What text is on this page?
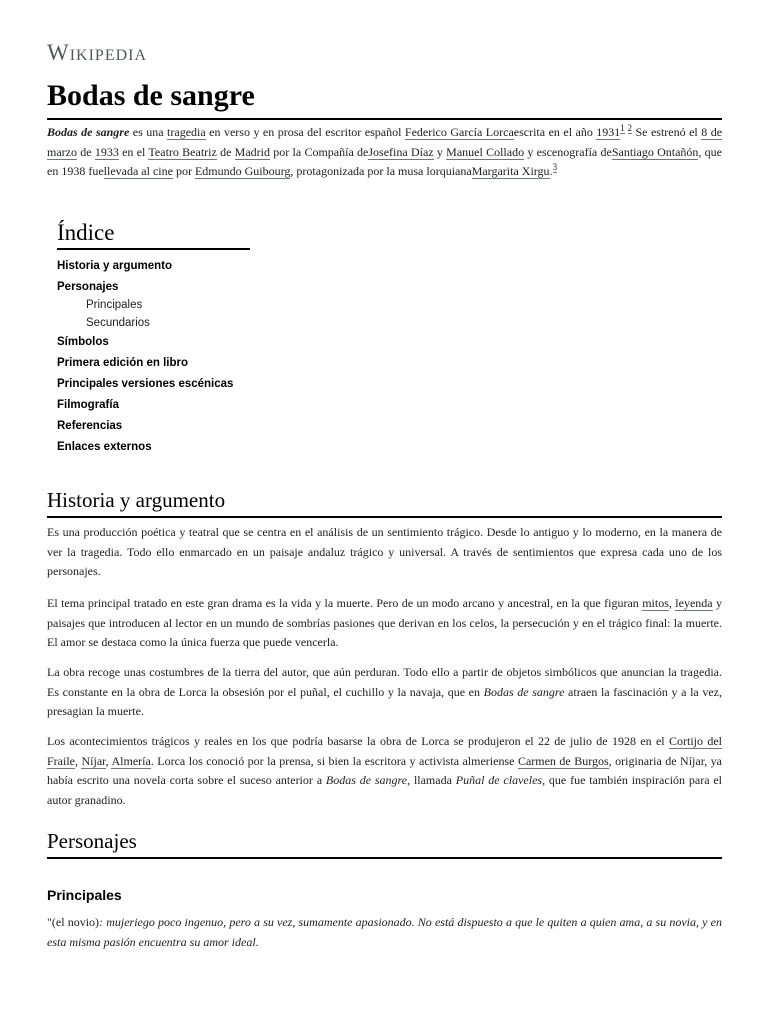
Wikipedia
Bodas de sangre
Bodas de sangre es una tragedia en verso y en prosa del escritor español Federico García Lorcaescrita en el año $1931^{1 2}$ Se estrenó el 8 de marzo de 1933 en el Teatro Beatriz de Madrid por la Compañía deJosefina Díaz y Manuel Collado y escenografía deSantiago Ontañón, que en 1938 fuellevada al cine por Edmundo Guibourg, protagonizada por la musa lorquianaMargarita Xirgu.$^3$
Índice
Historia y argumento
Personajes
Principales
Secundarios
Símbolos
Primera edición en libro
Principales versiones escénicas
Filmografía
Referencias
Enlaces externos
Historia y argumento

Es una producción poética y teatral que se centra en el análisis de un sentimiento trágico. Desde lo antiguo y lo moderno, en la manera de ver la tragedia. Todo ello enmarcado en un paisaje andaluz trágico y universal. A través de sentimientos que expresa cada uno de los personajes.

El tema principal tratado en este gran drama es la vida y la muerte. Pero de un modo arcano y ancestral, en la que figuran mitos, leyenda y paisajes que introducen al lector en un mundo de sombrías pasiones que derivan en los celos, la persecución y en el trágico final: la muerte. El amor se destaca como la única fuerza que puede vencerla.

La obra recoge unas costumbres de la tierra del autor, que aún perduran. Todo ello a partir de objetos simbólicos que anuncian la tragedia. Es constante en la obra de Lorca la obsesión por el puñal, el cuchillo y la navaja, que en Bodas de sangre atraen la fascinación y a la vez, presagian la muerte.

Los acontecimientos trágicos y reales en los que podría basarse la obra de Lorca se produjeron el 22 de julio de 1928 en el Cortijo del Fraile, Níjar, Almería. Lorca los conoció por la prensa, si bien la escritora y activista almeriense Carmen de Burgos, originaria de Níjar, ya había escrito una novela corta sobre el suceso anterior a Bodas de sangre, llamada Puñal de claveles, que fue también inspiración para el autor granadino.

Personajes
Principales

"(el novio): mujeriego poco ingenuo, pero a su vez, sumamente apasionado. No está dispuesto a que le quiten a quien ama, a su novia, y en esta misma pasión encuentra su amor ideal.
